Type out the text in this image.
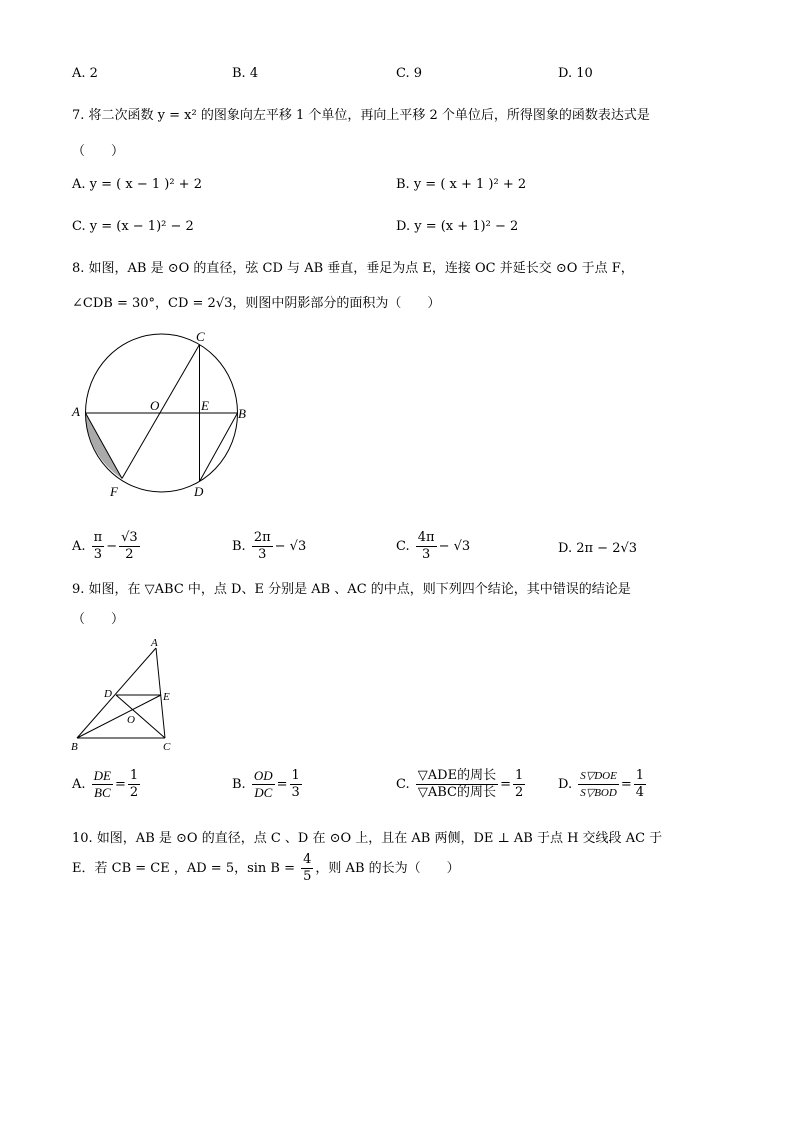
A. 2	B. 4	C. 9	D. 10
7. 将二次函数 y = x² 的图象向左平移 1 个单位，再向上平移 2 个单位后，所得图象的函数表达式是
（　　）
A. y = ( x − 1 )² + 2	B. y = ( x + 1 )² + 2
C. y = (x − 1)² − 2	D. y = (x + 1)² − 2
8. 如图，AB 是 ⊙O 的直径，弦 CD 与 AB 垂直，垂足为点 E，连接 OC 并延长交 ⊙O 于点 F，
∠CDB = 30°，CD = 2√3，则图中阴影部分的面积为（　　）
C
A	O	E
B
F	D
A. $\frac{\pi}{3} - \frac{√3}{2}$	B. $\frac{2\pi}{3} - √3$	C. $\frac{4\pi}{3} - √3$	D. 2π − 2√3
9. 如图，在 ▽ABC 中，点 D、E 分别是 AB 、AC 的中点，则下列四个结论，其中错误的结论是
（　　）
A
D	E
O
B	C
A. $\frac{DE}{BC} = \frac{1}{2}$	B. $\frac{OD}{DC} = \frac{1}{3}$	C. $\frac{\text{▽ADE的周长}}{\text{▽ABC的周长}} = \frac{1}{2}$	D. $\frac{\text{S▽DOE}}{\text{S▽BOD}} = \frac{1}{4}$
10. 如图，AB 是 ⊙O 的直径，点 C 、D 在 ⊙O 上，且在 AB 两侧，DE ⊥ AB 于点 H 交线段 AC 于
E．若 CB = CE ，AD = 5，$\sin B = \frac{4}{5}$ ，则 AB 的长为（　　）
